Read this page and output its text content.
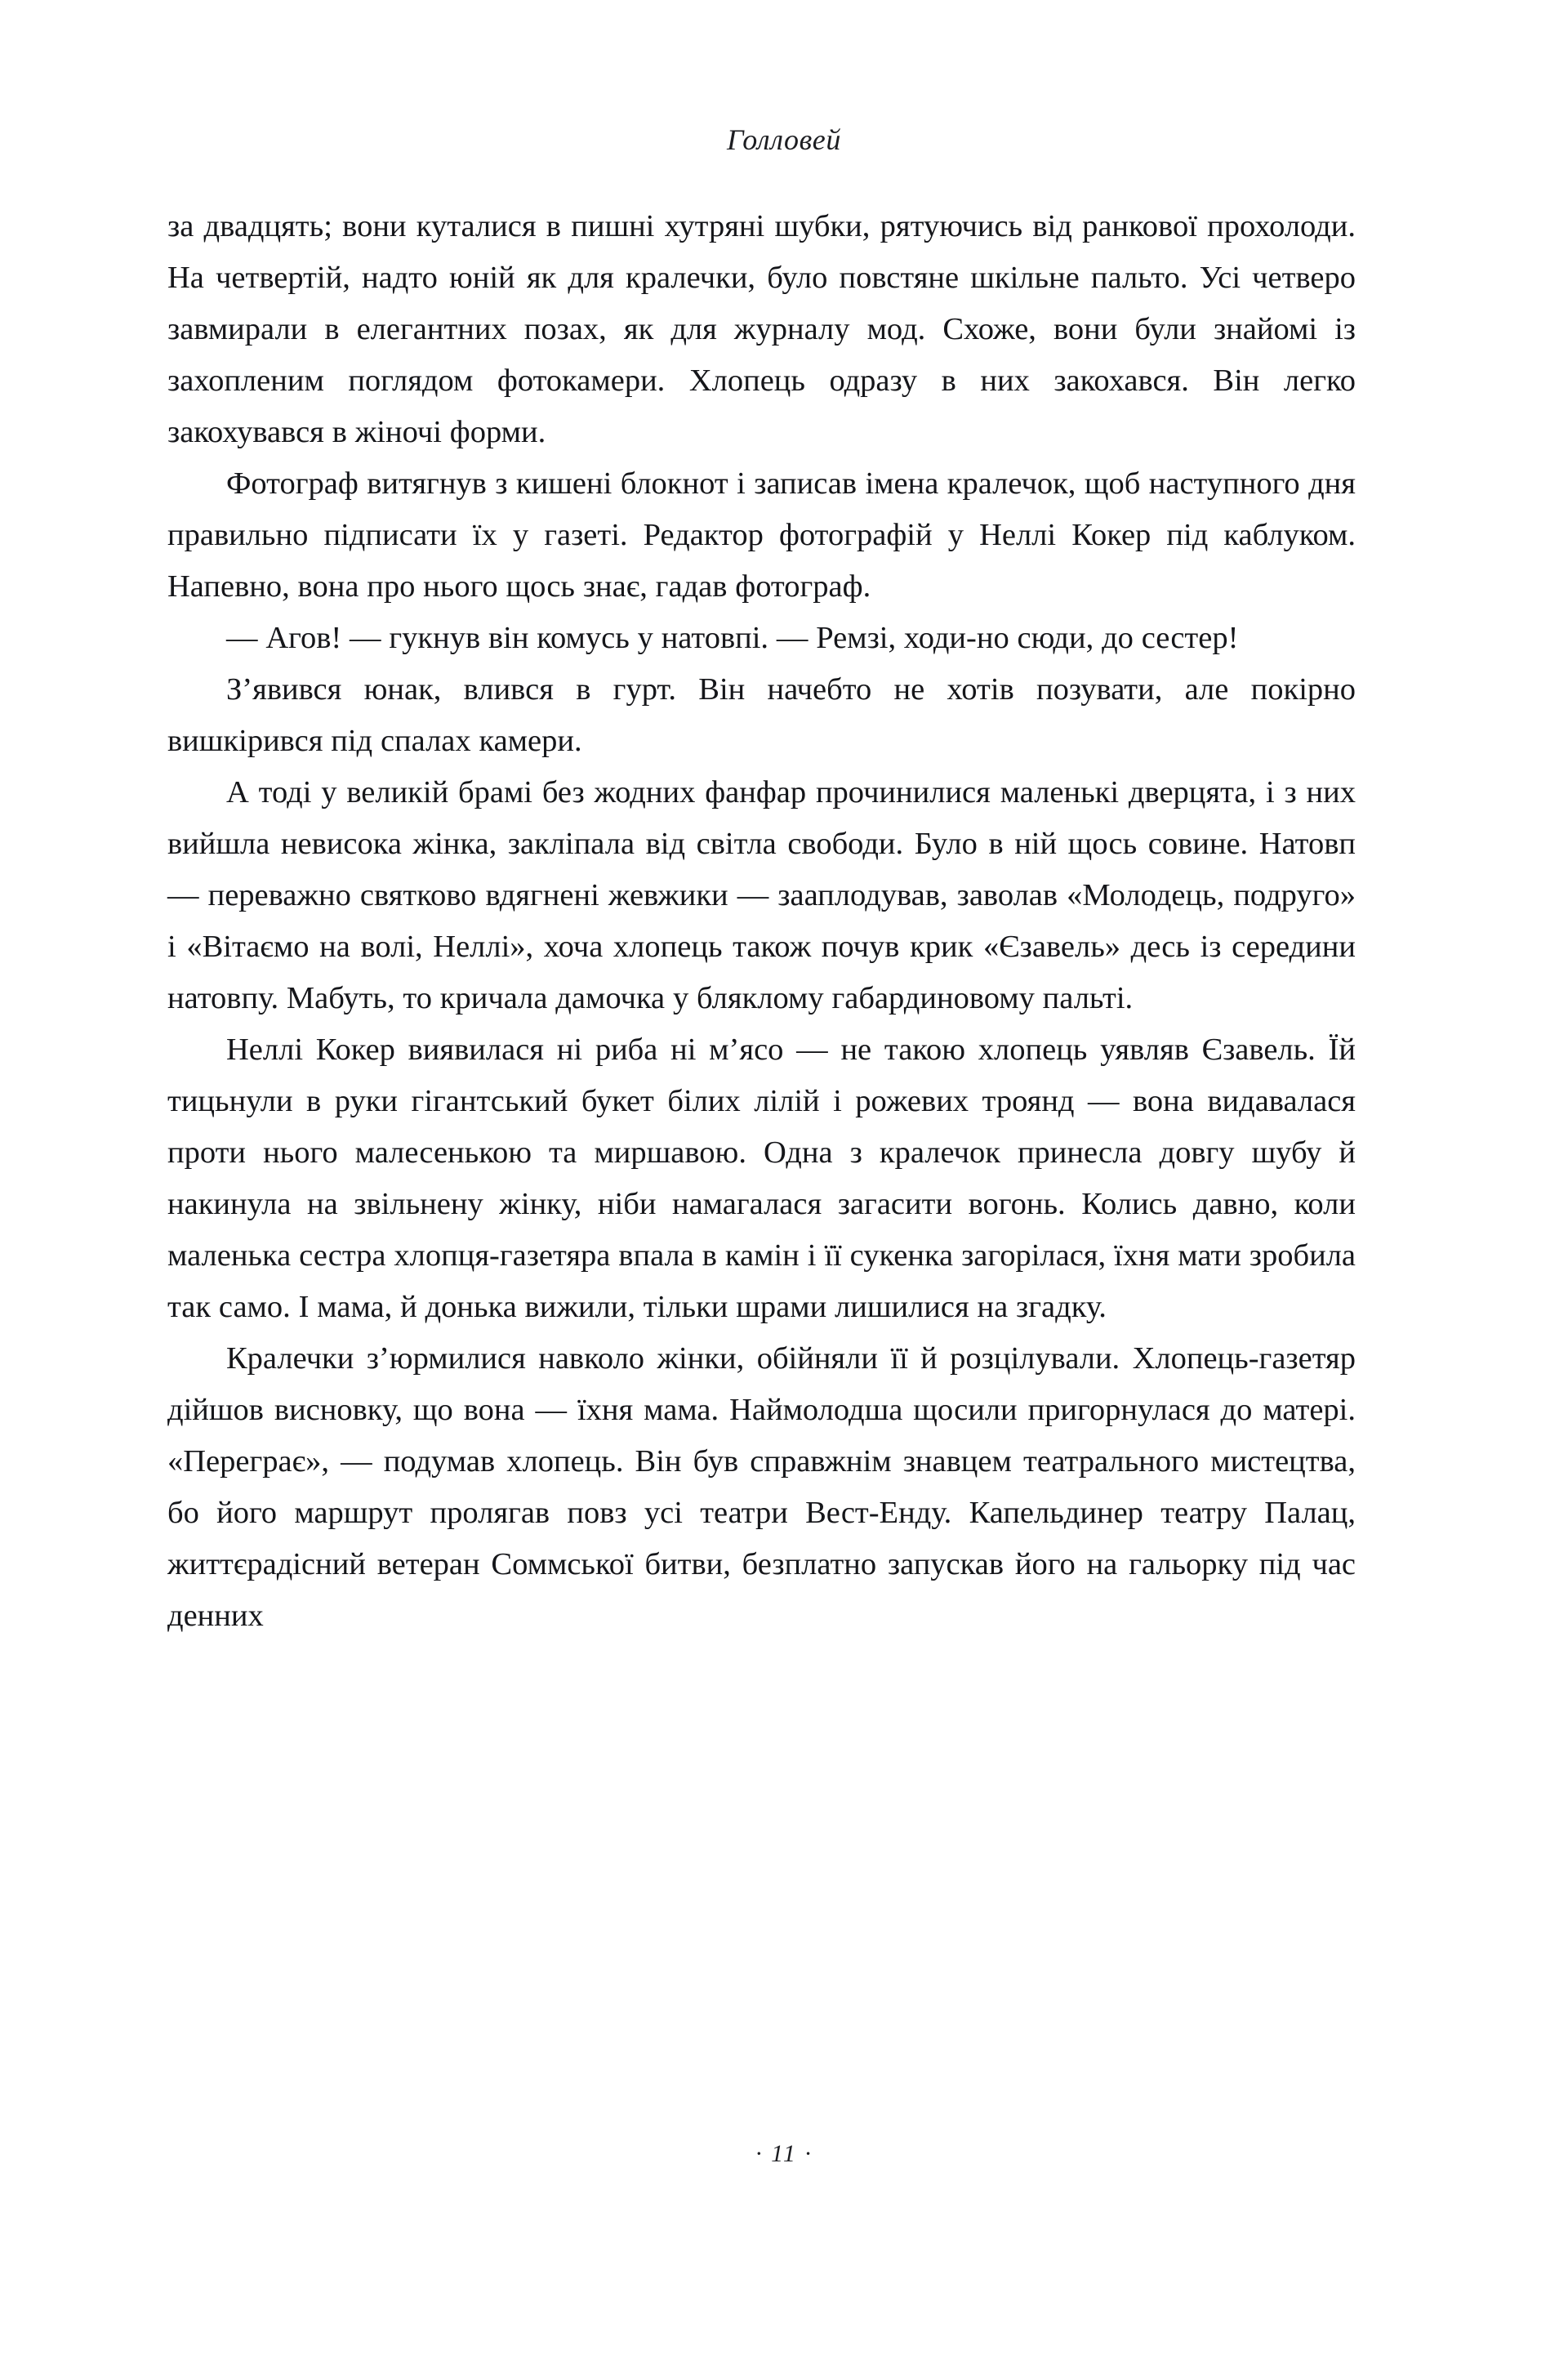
Голловей

за двадцять; вони куталися в пишні хутряні шубки, рятуючись від ранкової прохолоди. На четвертій, надто юній як для кралечки, було повстяне шкільне пальто. Усі четверо завмирали в елегантних позах, як для журналу мод. Схоже, вони були знайомі із захопленим поглядом фотокамери. Хлопець одразу в них закохався. Він легко закохувався в жіночі форми.

Фотограф витягнув з кишені блокнот і записав імена кралечок, щоб наступного дня правильно підписати їх у газеті. Редактор фотографій у Неллі Кокер під каблуком. Напевно, вона про нього щось знає, гадав фотограф.

— Агов! — гукнув він комусь у натовпі. — Ремзі, ходи-но сюди, до сестер!

З’явився юнак, влився в гурт. Він начебто не хотів позувати, але покірно вишкірився під спалах камери.

А тоді у великій брамі без жодних фанфар прочинилися маленькі дверцята, і з них вийшла невисока жінка, закліпала від світла свободи. Було в ній щось совине. Натовп — переважно святково вдягнені жевжики — зааплодував, заволав «Молодець, подруго» і «Вітаємо на волі, Неллі», хоча хлопець також почув крик «Єзавель» десь із середини натовпу. Мабуть, то кричала дамочка у бляклому габардиновому пальті.

Неллі Кокер виявилася ні риба ні м’ясо — не такою хлопець уявляв Єзавель. Їй тицьнули в руки гігантський букет білих лілій і рожевих троянд — вона видавалася проти нього малесенькою та миршавою. Одна з кралечок принесла довгу шубу й накинула на звільнену жінку, ніби намагалася загасити вогонь. Колись давно, коли маленька сестра хлопця-газетяра впала в камін і її сукенка загорілася, їхня мати зробила так само. І мама, й донька вижили, тільки шрами лишилися на згадку.

Кралечки з’юрмилися навколо жінки, обійняли її й розцілували. Хлопець-газетяр дійшов висновку, що вона — їхня мама. Наймолодша щосили пригорнулася до матері. «Переграє», — подумав хлопець. Він був справжнім знавцем театрального мистецтва, бо його маршрут пролягав повз усі театри Вест-Енду. Капельдинер театру Палац, життєрадісний ветеран Соммської битви, безплатно запускав його на гальорку під час денних

· 11 ·
